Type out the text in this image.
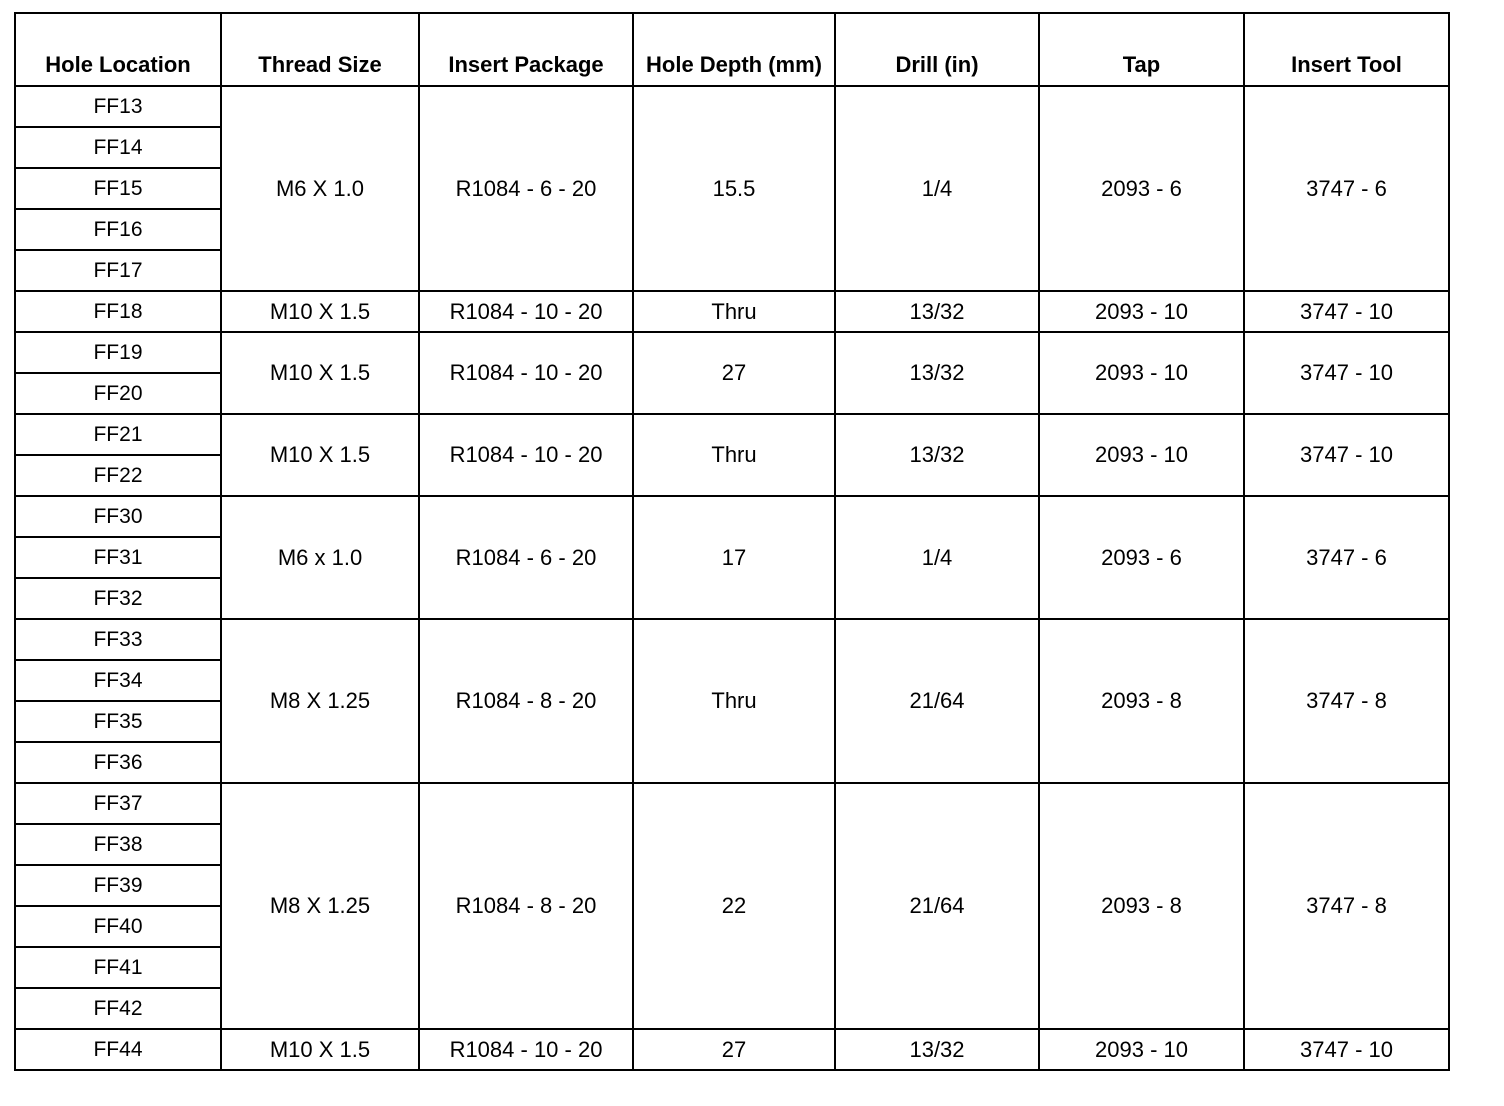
Hole Location	Thread Size	Insert Package	Hole Depth (mm)	Drill (in)	Tap	Insert Tool
FF13	M6 X 1.0	R1084 - 6 - 20	15.5	1/4	2093 - 6	3747 - 6
FF14						
FF15						
FF16						
FF17						
FF18	M10 X 1.5	R1084 - 10 - 20	Thru	13/32	2093 - 10	3747 - 10
FF19	M10 X 1.5	R1084 - 10 - 20	27	13/32	2093 - 10	3747 - 10
FF20						
FF21	M10 X 1.5	R1084 - 10 - 20	Thru	13/32	2093 - 10	3747 - 10
FF22						
FF30	M6 x 1.0	R1084 - 6 - 20	17	1/4	2093 - 6	3747 - 6
FF31						
FF32						
FF33	M8 X 1.25	R1084 - 8 - 20	Thru	21/64	2093 - 8	3747 - 8
FF34						
FF35						
FF36						
FF37	M8 X 1.25	R1084 - 8 - 20	22	21/64	2093 - 8	3747 - 8
FF38						
FF39						
FF40						
FF41						
FF42						
FF44	M10 X 1.5	R1084 - 10 - 20	27	13/32	2093 - 10	3747 - 10
